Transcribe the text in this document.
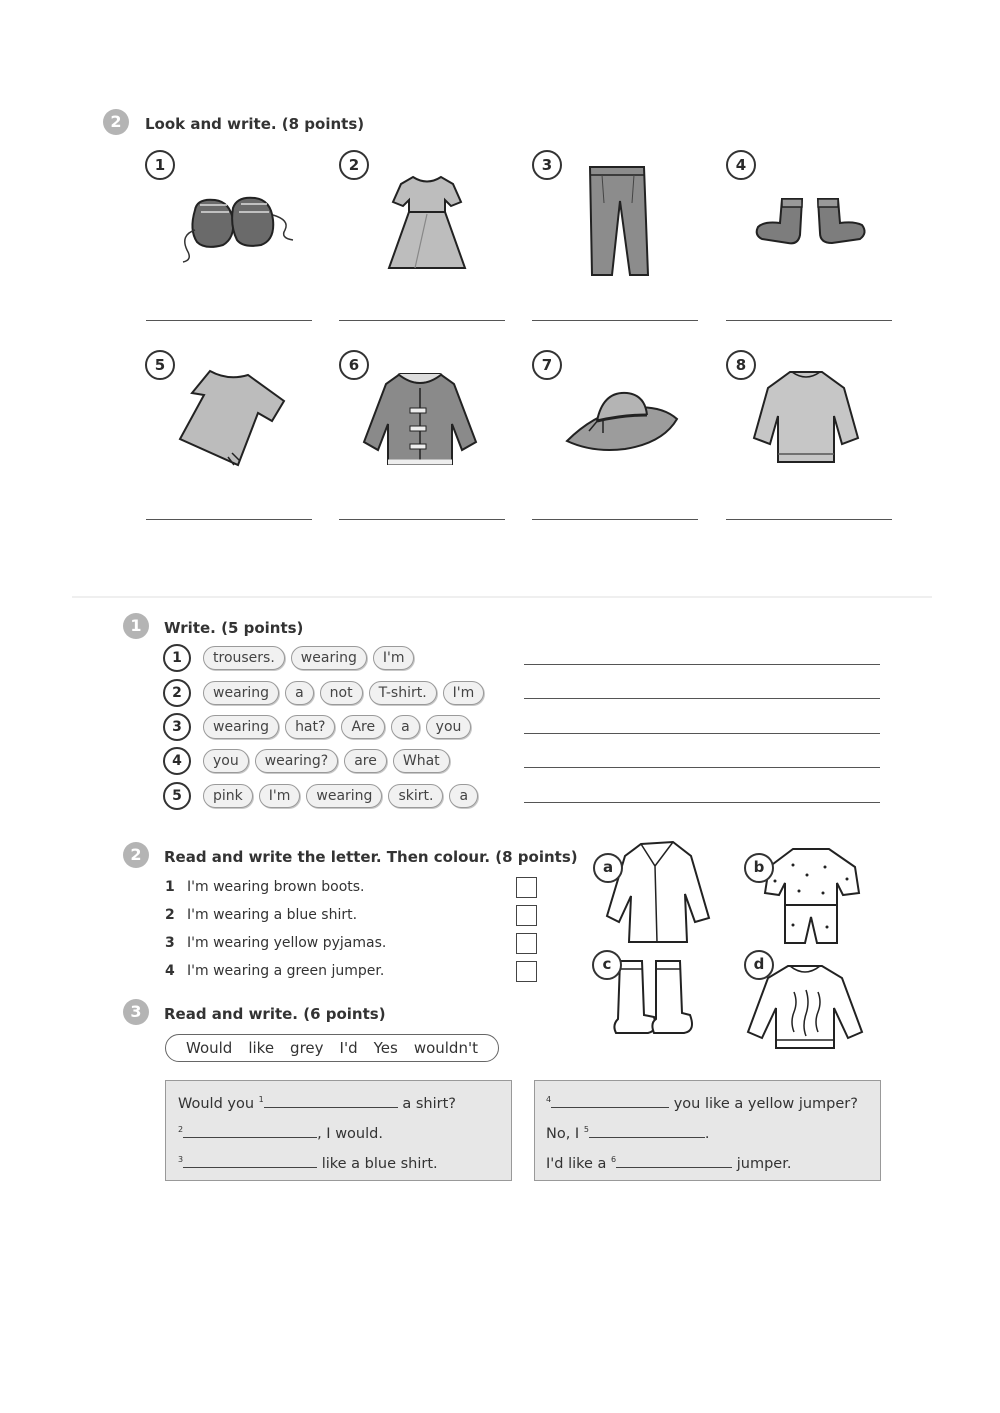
2	Look and write. (8 points)
1	2	3	4
5	6	7	8
1	Write. (5 points)
1	trousers.	wearing	I'm
2	wearing	a	not	T-shirt.	I'm
3	wearing	hat?	Are	a	you
4	you	wearing?	are	What
5	pink	I'm	wearing	skirt.	a
2	Read and write the letter. Then colour. (8 points)
1 I'm wearing brown boots.
2 I'm wearing a blue shirt.
3 I'm wearing yellow pyjamas.
4 I'm wearing a green jumper.
a	b
c	d
3	Read and write. (6 points)
Would like grey I'd Yes wouldn't
Would you $^1$	a shirt?
$^2$	, I would.
$^3$	like a blue shirt.
$^4$	you like a yellow jumper?
No, I $^5$	.
I'd like a $^6$	jumper.
